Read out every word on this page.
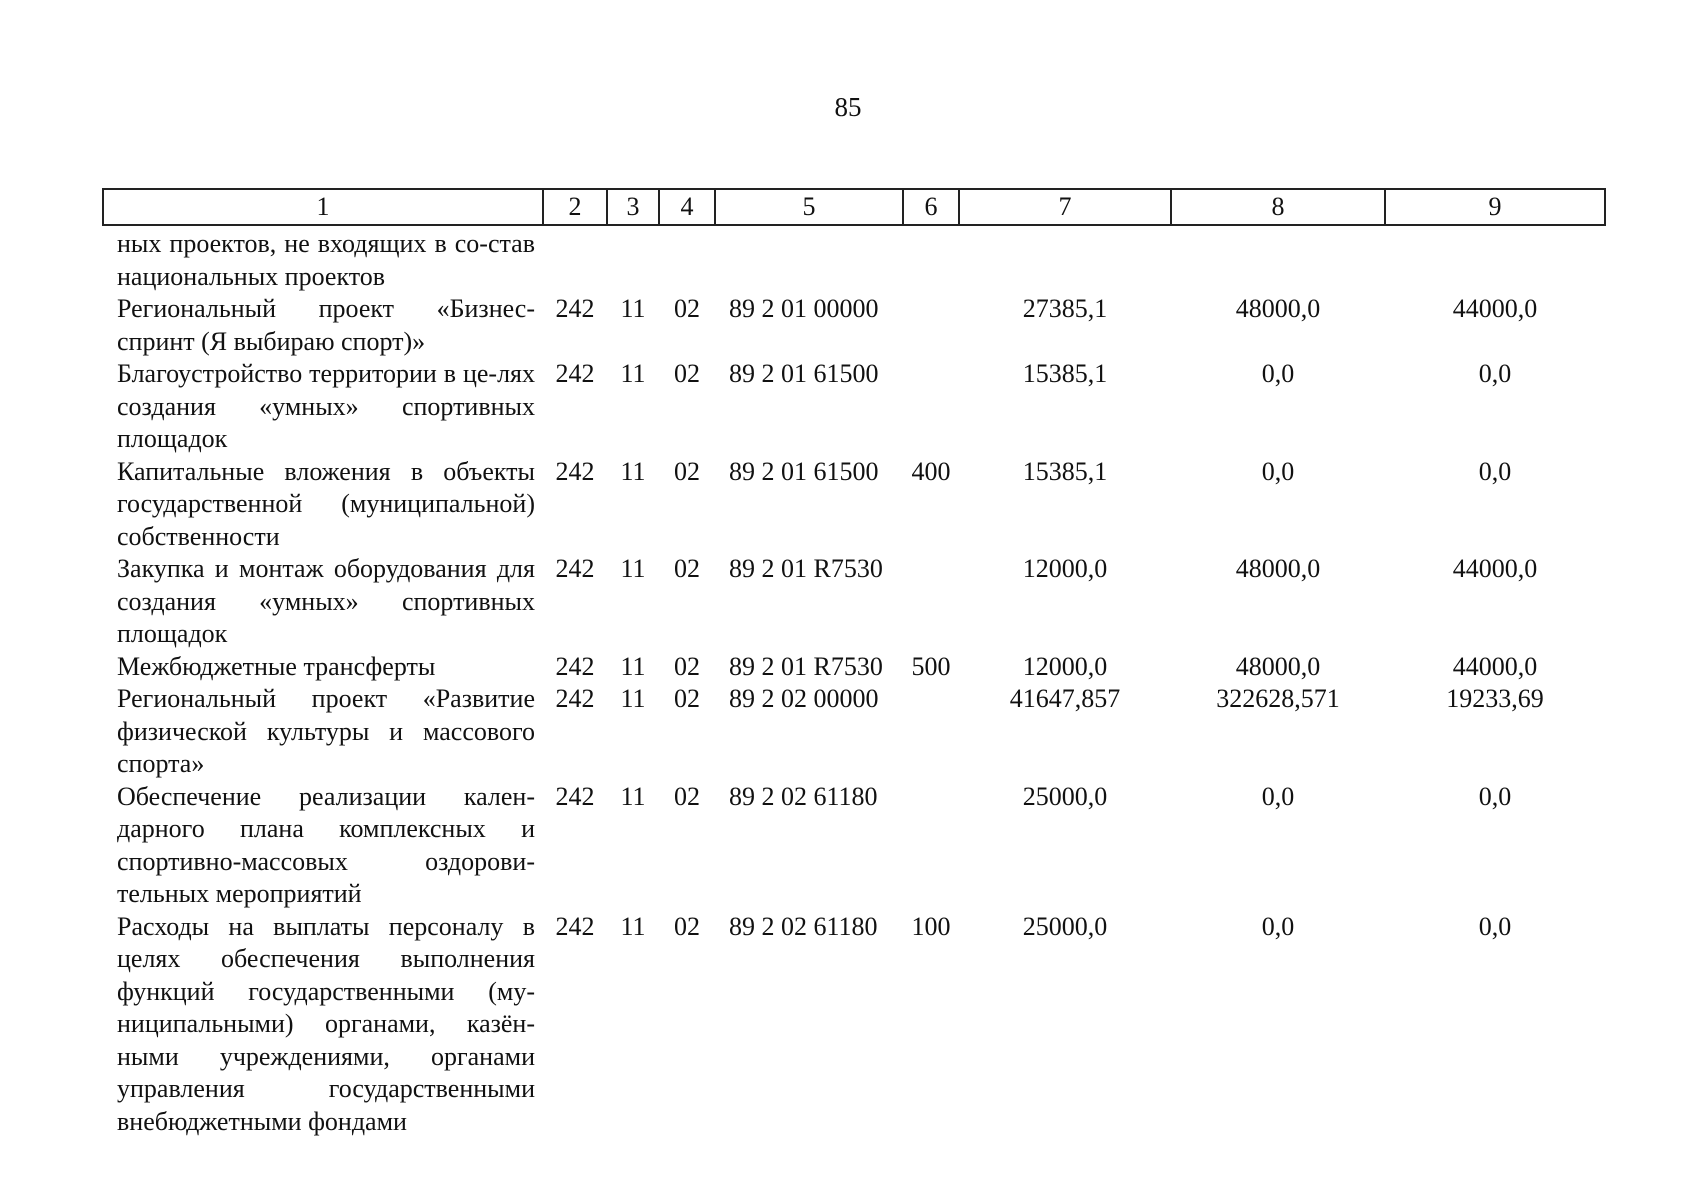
85
1	2	3	4	5	6	7	8	9
ных проектов, не входящих в со-став национальных проектов								
Региональный проект «Бизнес-спринт (Я выбираю спорт)»	242	11	02	89 2 01 00000		27385,1	48000,0	44000,0
Благоустройство территории в це-лях создания «умных» спортивных площадок	242	11	02	89 2 01 61500		15385,1	0,0	0,0
Капитальные вложения в объекты государственной (муниципальной) собственности	242	11	02	89 2 01 61500	400	15385,1	0,0	0,0
Закупка и монтаж оборудования для создания «умных» спортивных площадок	242	11	02	89 2 01 R7530		12000,0	48000,0	44000,0
Межбюджетные трансферты	242	11	02	89 2 01 R7530	500	12000,0	48000,0	44000,0
Региональный проект «Развитие физической культуры и массового спорта»	242	11	02	89 2 02 00000		41647,857	322628,571	19233,69
Обеспечение реализации кален-дарного плана комплексных и спортивно-массовых оздорови-тельных мероприятий	242	11	02	89 2 02 61180		25000,0	0,0	0,0
Расходы на выплаты персоналу в целях обеспечения выполнения функций государственными (му-ниципальными) органами, казён-ными учреждениями, органами управления государственными внебюджетными фондами	242	11	02	89 2 02 61180	100	25000,0	0,0	0,0
